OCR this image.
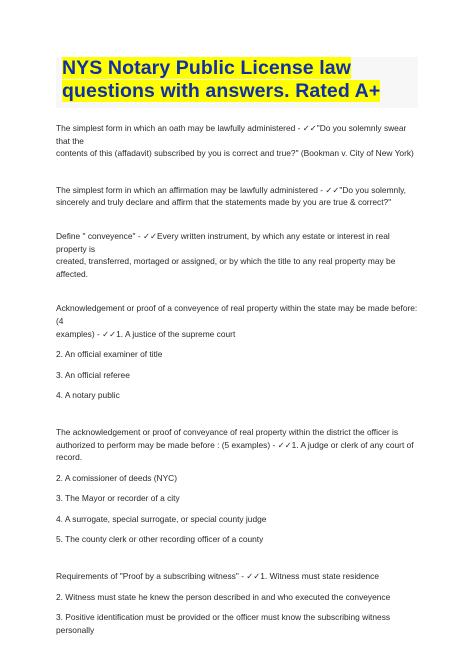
NYS Notary Public License law
questions with answers. Rated A+
The simplest form in which an oath may be lawfully administered - ✓✓"Do you solemnly swear that the
contents of this (affadavit) subscribed by you is correct and true?" (Bookman v. City of New York)
The simplest form in which an affirmation may be lawfully administered - ✓✓"Do you solemnly,
sincerely and truly declare and affirm that the statements made by you are true & correct?"
Define " conveyence" - ✓✓Every written instrument, by which any estate or interest in real property is
created, transferred, mortaged or assigned, or by which the title to any real property may be affected.
Acknowledgement or proof of a conveyence of real property within the state may be made before: (4
examples) - ✓✓1. A justice of the supreme court
2. An official examiner of title
3. An official referee
4. A notary public
The acknowledgement or proof of conveyance of real property within the district the officer is
authorized to perform may be made before : (5 examples) - ✓✓1. A judge or clerk of any court of
record.
2. A comissioner of deeds (NYC)
3. The Mayor or recorder of a city
4. A surrogate, special surrogate, or special county judge
5. The county clerk or other recording officer of a county
Requirements of "Proof by a subscribing witness" - ✓✓1. Witness must state residence
2. Witness must state he knew the person described in and who executed the conveyence
3. Positive identification must be provided or the officer must know the subscribing witness personally
